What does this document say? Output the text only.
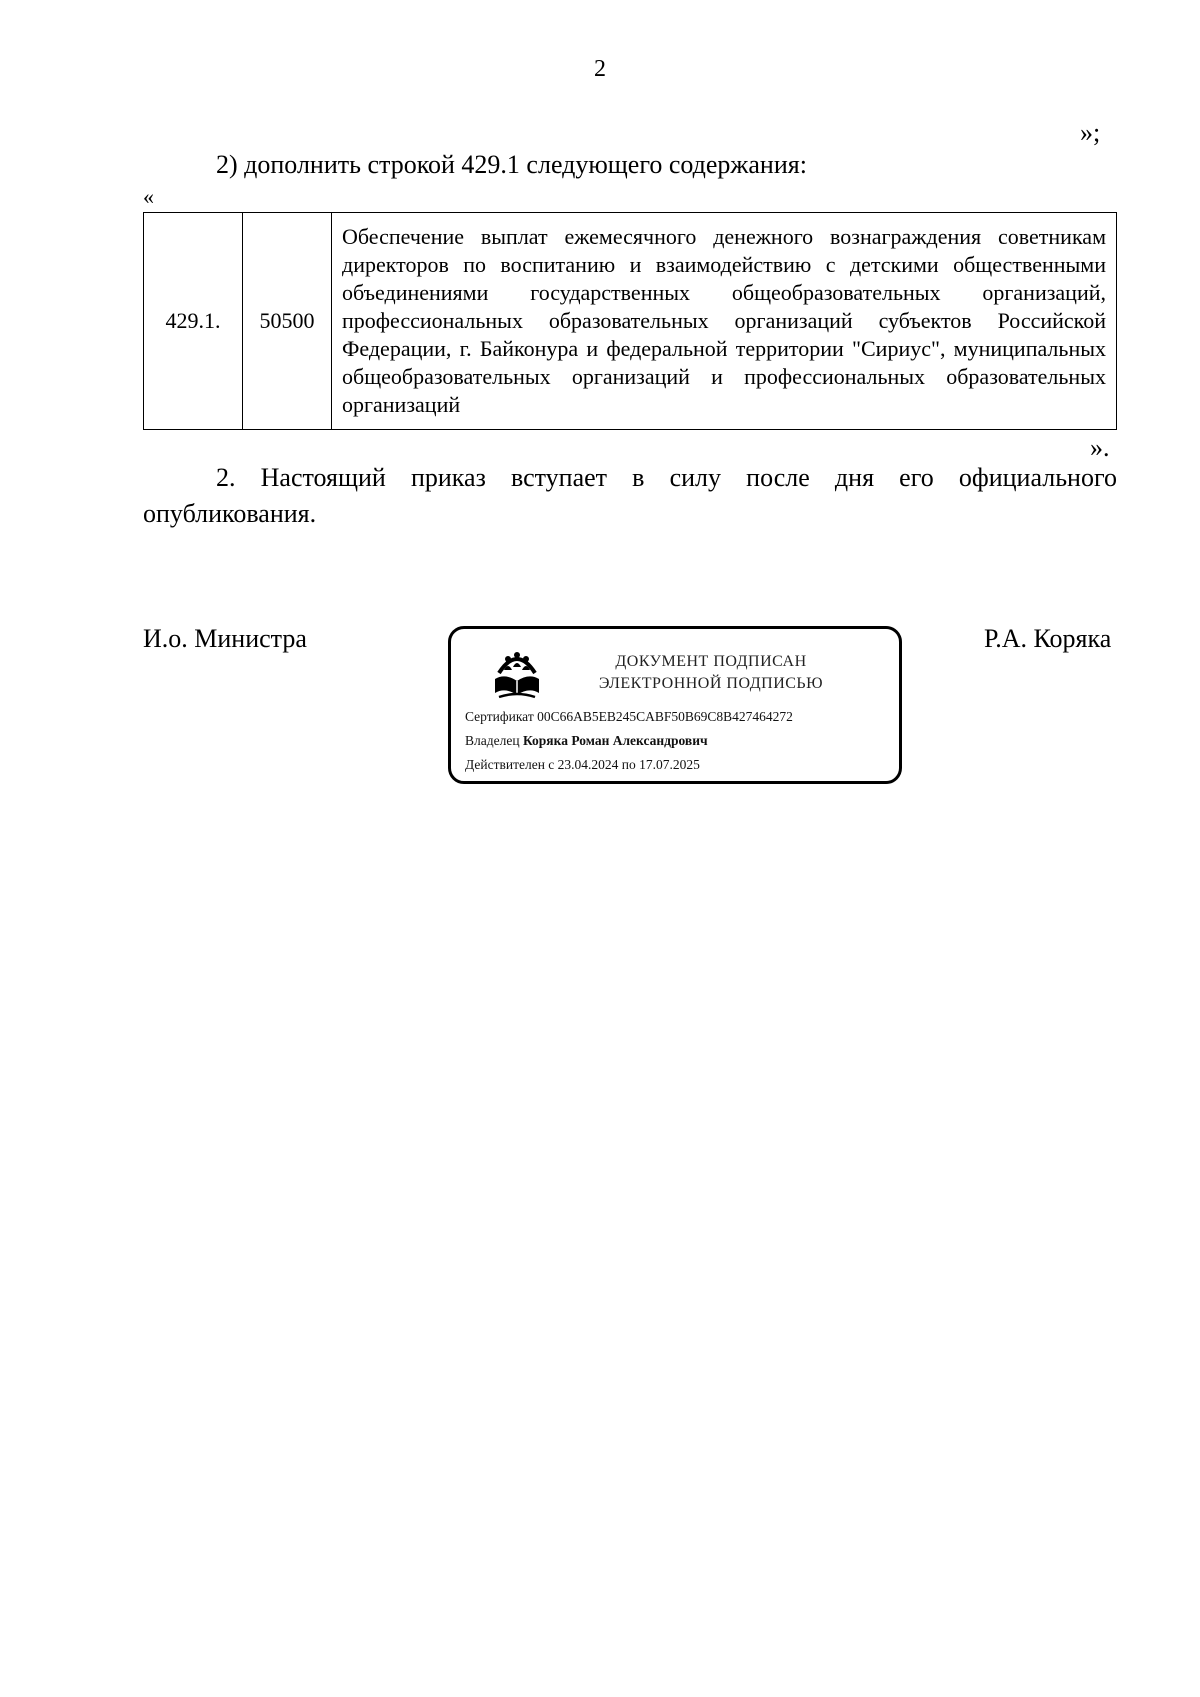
2
»;
2) дополнить строкой 429.1 следующего содержания:
«
429.1.	50500	Обеспечение выплат ежемесячного денежного вознаграждения советникам директоров по воспитанию и взаимодействию с детскими общественными объединениями государственных общеобразовательных организаций, профессиональных образовательных организаций субъектов Российской Федерации, г. Байконура и федеральной территории "Сириус", муниципальных общеобразовательных организаций и профессиональных образовательных организаций
».

2. Настоящий приказ вступает в силу после дня его официального опубликования.

И.о. Министра
ДОКУМЕНТ ПОДПИСАН
ЭЛЕКТРОННОЙ ПОДПИСЬЮ
Сертификат 00C66AB5EB245CABF50B69C8B427464272
Владелец Коряка Роман Александрович
Действителен с 23.04.2024 по 17.07.2025
Р.А. Коряка
